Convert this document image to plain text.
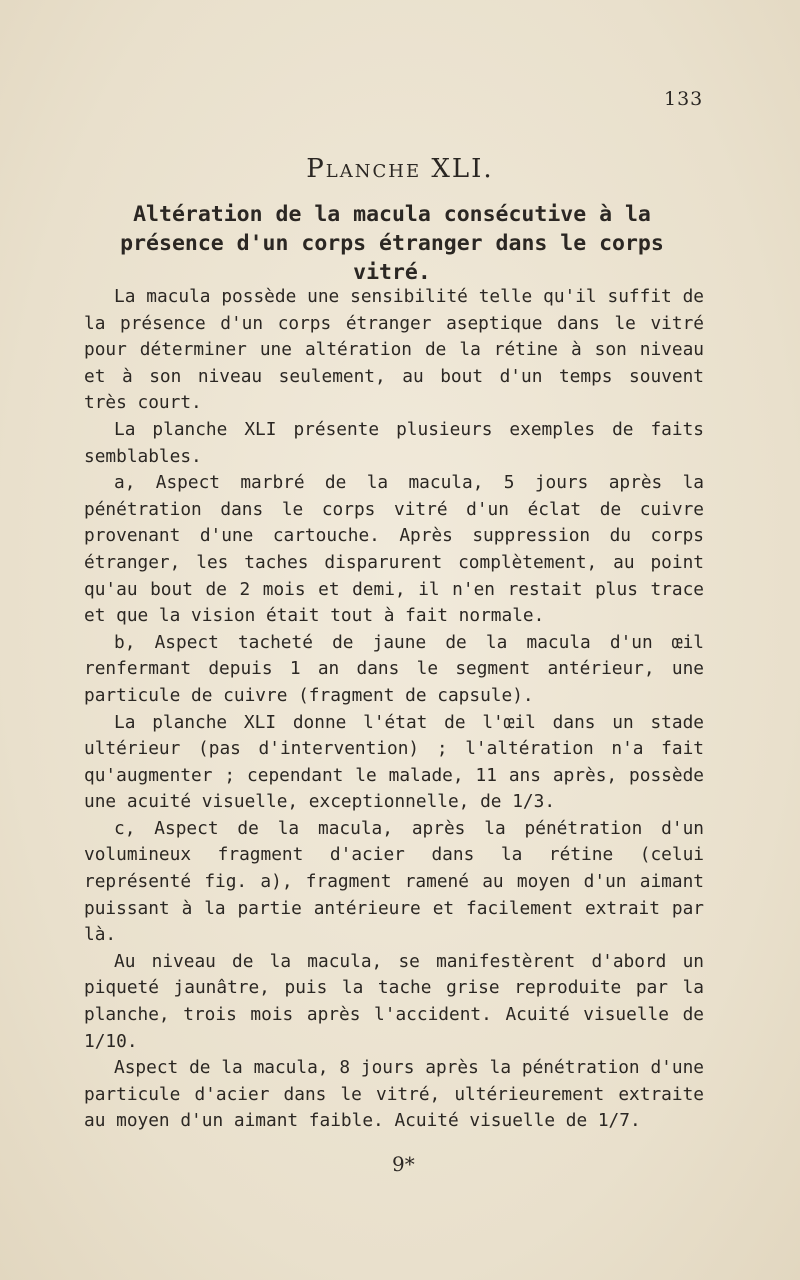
133
Planche XLI.
Altération de la macula consécutive à la présence d'un corps étranger dans le corps vitré.

La macula possède une sensibilité telle qu'il suffit de la présence d'un corps étranger aseptique dans le vitré pour déterminer une altération de la rétine à son niveau et à son niveau seulement, au bout d'un temps souvent très court.

La planche XLI présente plusieurs exemples de faits semblables.

a, Aspect marbré de la macula, 5 jours après la pénétration dans le corps vitré d'un éclat de cuivre provenant d'une cartouche. Après suppression du corps étranger, les taches disparurent complètement, au point qu'au bout de 2 mois et demi, il n'en restait plus trace et que la vision était tout à fait normale.

b, Aspect tacheté de jaune de la macula d'un œil renfermant depuis 1 an dans le segment antérieur, une particule de cuivre (fragment de capsule).

La planche XLI donne l'état de l'œil dans un stade ultérieur (pas d'intervention) ; l'altération n'a fait qu'augmenter ; cependant le malade, 11 ans après, possède une acuité visuelle, exceptionnelle, de 1/3.

c, Aspect de la macula, après la pénétration d'un volumineux fragment d'acier dans la rétine (celui représenté fig. a), fragment ramené au moyen d'un aimant puissant à la partie antérieure et facilement extrait par là.

Au niveau de la macula, se manifestèrent d'abord un piqueté jaunâtre, puis la tache grise reproduite par la planche, trois mois après l'accident. Acuité visuelle de 1/10.

Aspect de la macula, 8 jours après la pénétration d'une particule d'acier dans le vitré, ultérieurement extraite au moyen d'un aimant faible. Acuité visuelle de 1/7.

9*
